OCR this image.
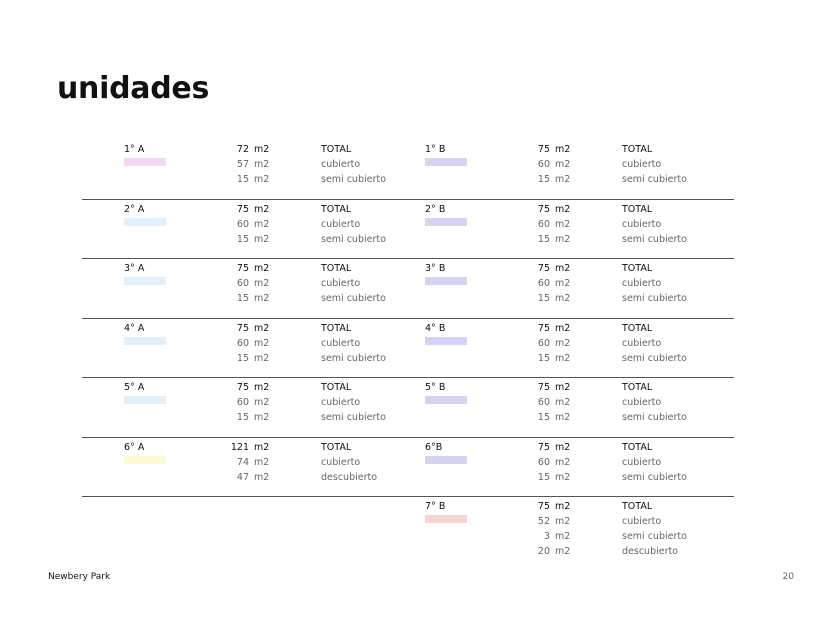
unidades
1° A	72 m2	TOTAL
57 m2	cubierto
15 m2	semi cubierto
1° B	75 m2	TOTAL
60 m2	cubierto
15 m2	semi cubierto
2° A	75 m2	TOTAL
60 m2	cubierto
15 m2	semi cubierto
2° B	75 m2	TOTAL
60 m2	cubierto
15 m2	semi cubierto
3° A	75 m2	TOTAL
60 m2	cubierto
15 m2	semi cubierto
3° B	75 m2	TOTAL
60 m2	cubierto
15 m2	semi cubierto
4° A	75 m2	TOTAL
60 m2	cubierto
15 m2	semi cubierto
4° B	75 m2	TOTAL
60 m2	cubierto
15 m2	semi cubierto
5° A	75 m2	TOTAL
60 m2	cubierto
15 m2	semi cubierto
5° B	75 m2	TOTAL
60 m2	cubierto
15 m2	semi cubierto
6° A	121 m2	TOTAL
74 m2	cubierto
47 m2	descubierto
6°B	75 m2	TOTAL
60 m2	cubierto
15 m2	semi cubierto
7° B	75 m2	TOTAL
52 m2	cubierto
3 m2	semi cubierto
20 m2	descubierto
Newbery Park	20
